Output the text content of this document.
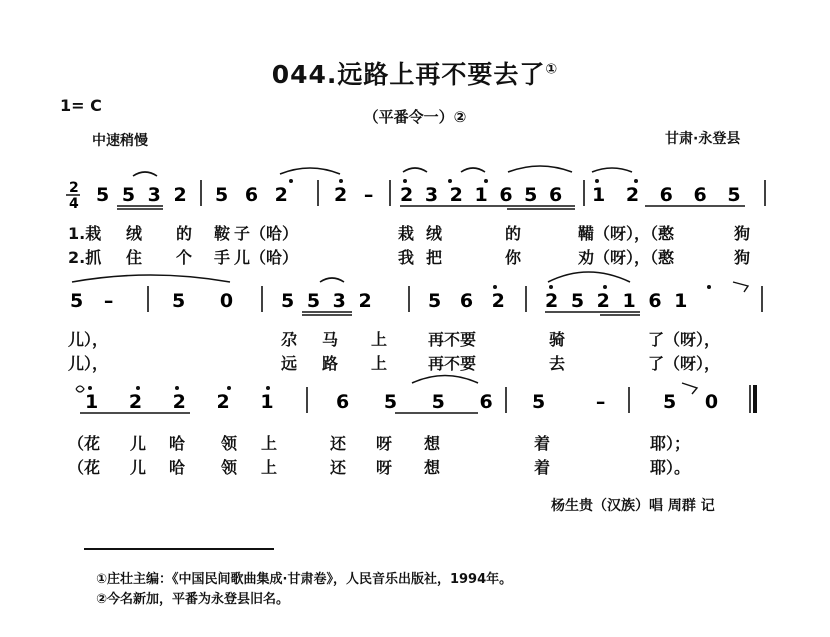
044.远路上再不要去了①
1= C
（平番令一）②
中速稍慢	甘肃·永登县
2
4 5 5 3 2 5 6 2 2 – 2 3 2 1 6 5 6 1 2 6 6 5
5 –	5 0	5 5 3 2	5 6 2 2 5 2 1 6 1
1 2 2 2 1	6 5 5 6 5 –	5 0
1.栽 绒 的 鞍 子（哈）	栽 绒	的	鞴（呀），（憨	狗
2.抓 住 个 手 儿（哈）	我 把	你	劝（呀），（憨	狗
儿），	尕 马 上	再不要	骑	了（呀），
儿），	远 路 上	再不要	去	了（呀），
（花 儿 哈 领 上	还 呀 想	着	耶）；
（花 儿 哈 领 上	还 呀 想	着	耶）。
杨生贵（汉族）唱 周群 记
①庄壮主编：《中国民间歌曲集成·甘肃卷》，人民音乐出版社，1994年。
②今名新加，平番为永登县旧名。
